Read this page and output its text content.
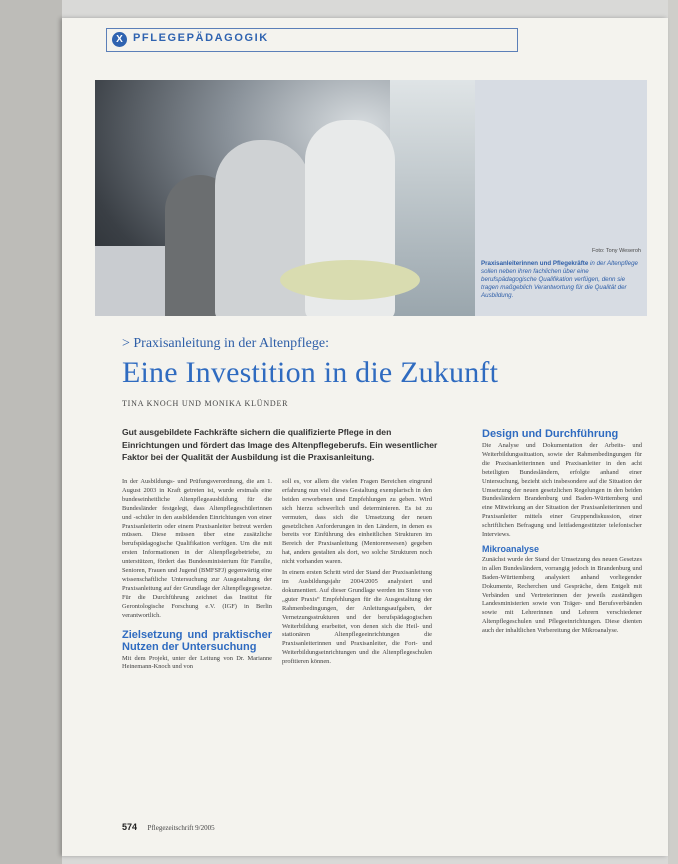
X PFLEGEPÄDAGOGIK
Foto: Tony Weseroh
Praxisanleiterinnen und Pflegekräfte in der Altenpflege sollen neben ihren fachlichen über eine berufspädagogische Qualifikation verfügen, denn sie tragen maßgeblich Verantwortung für die Qualität der Ausbildung.
> Praxisanleitung in der Altenpflege:
Eine Investition in die Zukunft
TINA KNOCH UND MONIKA KLÜNDER
Gut ausgebildete Fachkräfte sichern die qualifizierte Pflege in den Einrichtungen und fördert das Image des Altenpflegeberufs. Ein wesentlicher Faktor bei der Qualität der Ausbildung ist die Praxisanleitung.

In der Ausbildungs- und Prüfungsverordnung, die am 1. August 2003 in Kraft getreten ist, wurde erstmals eine bundeseinheitliche Altenpflegeausbildung für die Bundesländer festgelegt, dass Altenpflegeschülerinnen und -schüler in den ausbildenden Einrichtungen von einer Praxisanleiterin oder einem Praxisanleiter betreut werden müssen. Diese müssen über eine zusätzliche berufspädagogische Qualifikation verfügen. Um die mit ersten Informationen in der Altenpflegebetriebe, zu unterstützen, fördert das Bundesministerium für Familie, Senioren, Frauen und Jugend (BMFSFJ) gegenwärtig eine wissenschaftliche Untersuchung zur Ausgestaltung der Praxisanleitung auf der Grundlage der Altenpflegegesetze. Für die Durchführung zeichnet das Institut für Gerontologische Forschung e.V. (IGF) in Berlin verantwortlich.

Zielsetzung und praktischer Nutzen der Untersuchung

Mit dem Projekt, unter der Leitung von Dr. Marianne Heinemann-Knoch und von

soll es, vor allem die vielen Fragen Bereichen eingrund erfahrung nun viel dieses Gestaltung exemplarisch in den beiden erworbenen und Empfehlungen zu geben. Wird sich hierzu schwerlich und determinieren. Es ist zu vermuten, dass sich die Umsetzung der neuen gesetzlichen Anforderungen in den Ländern, in denen es bereits vor Einführung des einheitlichen Strukturen im Bereich der Praxisanleitung (Mentorenwesen) gegeben hat, anders gestalten als dort, wo solche Strukturen noch nicht vorhanden waren.

In einem ersten Schritt wird der Stand der Praxisanleitung im Ausbildungsjahr 2004/2005 analysiert und dokumentiert. Auf dieser Grundlage werden im Sinne von „guter Praxis“ Empfehlungen für die Ausgestaltung der Rahmenbedingungen, der Anleitungsaufgaben, der Vernetzungsstrukturen und der berufspädagogischen Weiterbildung erarbeitet, von denen sich die Heil- und stationären Altenpflegeeinrichtungen die Praxisanleiterinnen und Praxisanleiter, die Fort- und Weiterbildungseinrichtungen und die Altenpflegeschulen profitieren können.

Design und Durchführung

Die Analyse und Dokumentation der Arbeits- und Weiterbildungssituation, sowie der Rahmenbedingungen für die Praxisanleiterinnen und Praxisanleiter in den acht beteiligten Bundesländern, erfolgte anhand einer Untersuchung, bezieht sich insbesondere auf die Situation der Umsetzung der neuen gesetzlichen Regelungen in den beiden Bundesländern Brandenburg und Baden-Württemberg und eine Mitwirkung an der Situation der Praxisanleiterinnen und Praxisanleiter mittels einer Gruppendiskussion, einer schriftlichen Befragung und leitfadengestützter telefonischer Interviews.

Mikroanalyse

Zunächst wurde der Stand der Umsetzung des neuen Gesetzes in allen Bundesländern, vorrangig jedoch in Brandenburg und Baden-Württemberg analysiert anhand vorliegender Dokumente, Recherchen und Gespräche, dem Entgelt mit Verbänden und Vertreterinnen der jeweils zuständigen Landesministerien sowie von Träger- und Berufsverbänden sowie mit Lehrerinnen und Lehrern verschiedener Altenpflegeschulen und Pflegeeinrichtungen. Diese dienten auch der inhaltlichen Vorbereitung der Mikroanalyse.

574 Pflegezeitschrift 9/2005
